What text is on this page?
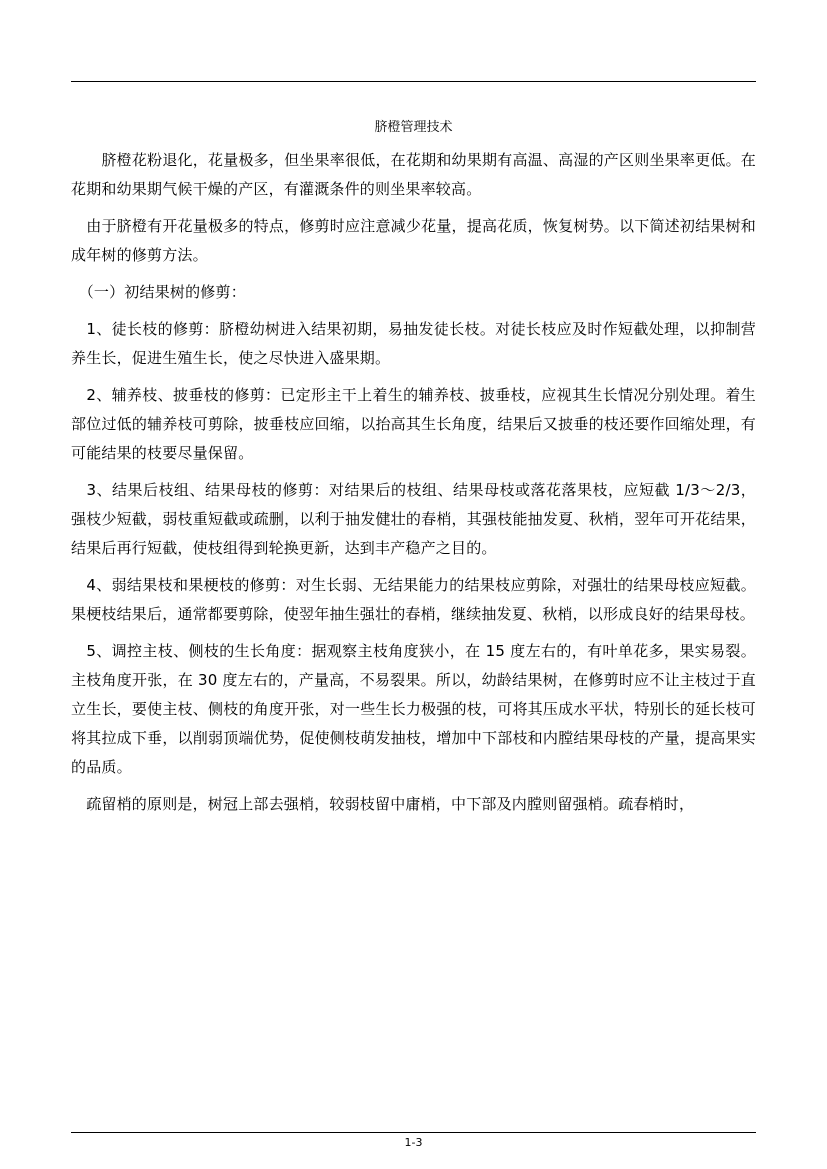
脐橙管理技术

　　脐橙花粉退化，花量极多，但坐果率很低，在花期和幼果期有高温、高湿的产区则坐果率更低。在花期和幼果期气候干燥的产区，有灌溉条件的则坐果率较高。

　由于脐橙有开花量极多的特点，修剪时应注意减少花量，提高花质，恢复树势。以下简述初结果树和成年树的修剪方法。

　（一）初结果树的修剪：

　1、徒长枝的修剪：脐橙幼树进入结果初期，易抽发徒长枝。对徒长枝应及时作短截处理，以抑制营养生长，促进生殖生长，使之尽快进入盛果期。

　2、辅养枝、披垂枝的修剪：已定形主干上着生的辅养枝、披垂枝，应视其生长情况分别处理。着生部位过低的辅养枝可剪除，披垂枝应回缩，以抬高其生长角度，结果后又披垂的枝还要作回缩处理，有可能结果的枝要尽量保留。

　3、结果后枝组、结果母枝的修剪：对结果后的枝组、结果母枝或落花落果枝，应短截 1/3～2/3，强枝少短截，弱枝重短截或疏删，以利于抽发健壮的春梢，其强枝能抽发夏、秋梢，翌年可开花结果，结果后再行短截，使枝组得到轮换更新，达到丰产稳产之目的。

　4、弱结果枝和果梗枝的修剪：对生长弱、无结果能力的结果枝应剪除，对强壮的结果母枝应短截。果梗枝结果后，通常都要剪除，使翌年抽生强壮的春梢，继续抽发夏、秋梢，以形成良好的结果母枝。

　5、调控主枝、侧枝的生长角度：据观察主枝角度狭小，在 15 度左右的，有叶单花多，果实易裂。主枝角度开张，在 30 度左右的，产量高，不易裂果。所以，幼龄结果树，在修剪时应不让主枝过于直立生长，要使主枝、侧枝的角度开张，对一些生长力极强的枝，可将其压成水平状，特别长的延长枝可将其拉成下垂，以削弱顶端优势，促使侧枝萌发抽枝，增加中下部枝和内膛结果母枝的产量，提高果实的品质。

　疏留梢的原则是，树冠上部去强梢，较弱枝留中庸梢，中下部及内膛则留强梢。疏春梢时，

1-3
